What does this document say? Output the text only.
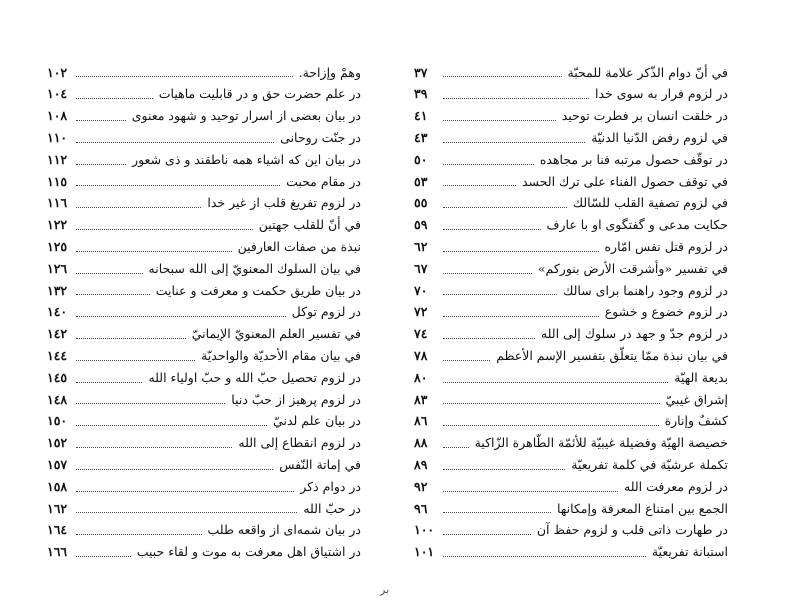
وهمْ وإزاحة.
١٠٢
در علم حضرت حق و در قابليت ماهيات
١٠٤
در بيان بعضى از اسرار توحيد و شهود معنوى
١٠٨
در جنّت روحانى
١١٠
در بيان اين كه اشياء همه ناطقند و ذى شعور
١١٢
در مقام محبت
١١٥
در لزوم تفريغ قلب از غير خدا
١١٦
في أنّ للقلب جهتين
١٢٢
نبذة من صفات العارفين
١٢٥
في بيان السلوك المعنويّ إلى الله سبحانه
١٢٦
در بيان طريق حكمت و معرفت و عنايت
١٣٢
در لزوم توكل
١٤٠
في تفسير العلم المعنويّ الإيمانيّ
١٤٢
في بيان مقام الأحديّة والواحديّة
١٤٤
در لزوم تحصيل حبّ الله و حبّ اولياء الله
١٤٥
در لزوم پرهيز از حبّ دنيا
١٤٨
در بيان علم لدنيّ
١٥٠
در لزوم انقطاع إلى الله
١٥٢
في إماتة النّفس
١٥٧
در دوام ذكر
١٥٨
در حبّ الله
١٦٢
در بيان شمه‌اى از واقعه طلب
١٦٤
در اشتياق اهل معرفت به موت و لقاء حبيب
١٦٦
في أنّ دوام الذّكر علامة للمحبّة
٣٧
در لزوم فرار به سوى خدا
٣٩
در خلقت انسان بر فطرت توحيد
٤١
في لزوم رفض الدّنيا الدنيّة
٤٣
در توقّف حصول مرتبه فنا بر مجاهده
٥٠
في توقف حصول الفناء على ترك الحسد
٥٣
في لزوم تصفية القلب للسّالك
٥٥
حكايت مدعى و گفتگوى او با عارف
٥٩
در لزوم قتل نفس امّاره
٦٢
في تفسير «وأشرقت الأرض بنوركم»
٦٧
در لزوم وجود راهنما براى سالك
٧٠
در لزوم خضوع و خشوع
٧٢
در لزوم جدّ و جهد در سلوك إلى الله
٧٤
في بيان نبذة ممّا يتعلّق بتفسير الإسم الأعظم
٧٨
بديعة الهيّة
٨٠
إشراق غيبيّ
٨٣
كشفٌ وإنارة
٨٦
خصيصة الهيّة وفضيلة غيبيّة للأئمّة الطّاهرة الزّاكية
٨٨
تكملة عرشيّة في كلمة تفريعيّة
٨٩
در لزوم معرفت الله
٩٢
الجمع بين امتناع المعرفة وإمكانها
٩٦
در طهارت ذاتى قلب و لزوم حفظ آن
١٠٠
استبانة تفريعيّة
١٠١
بر
